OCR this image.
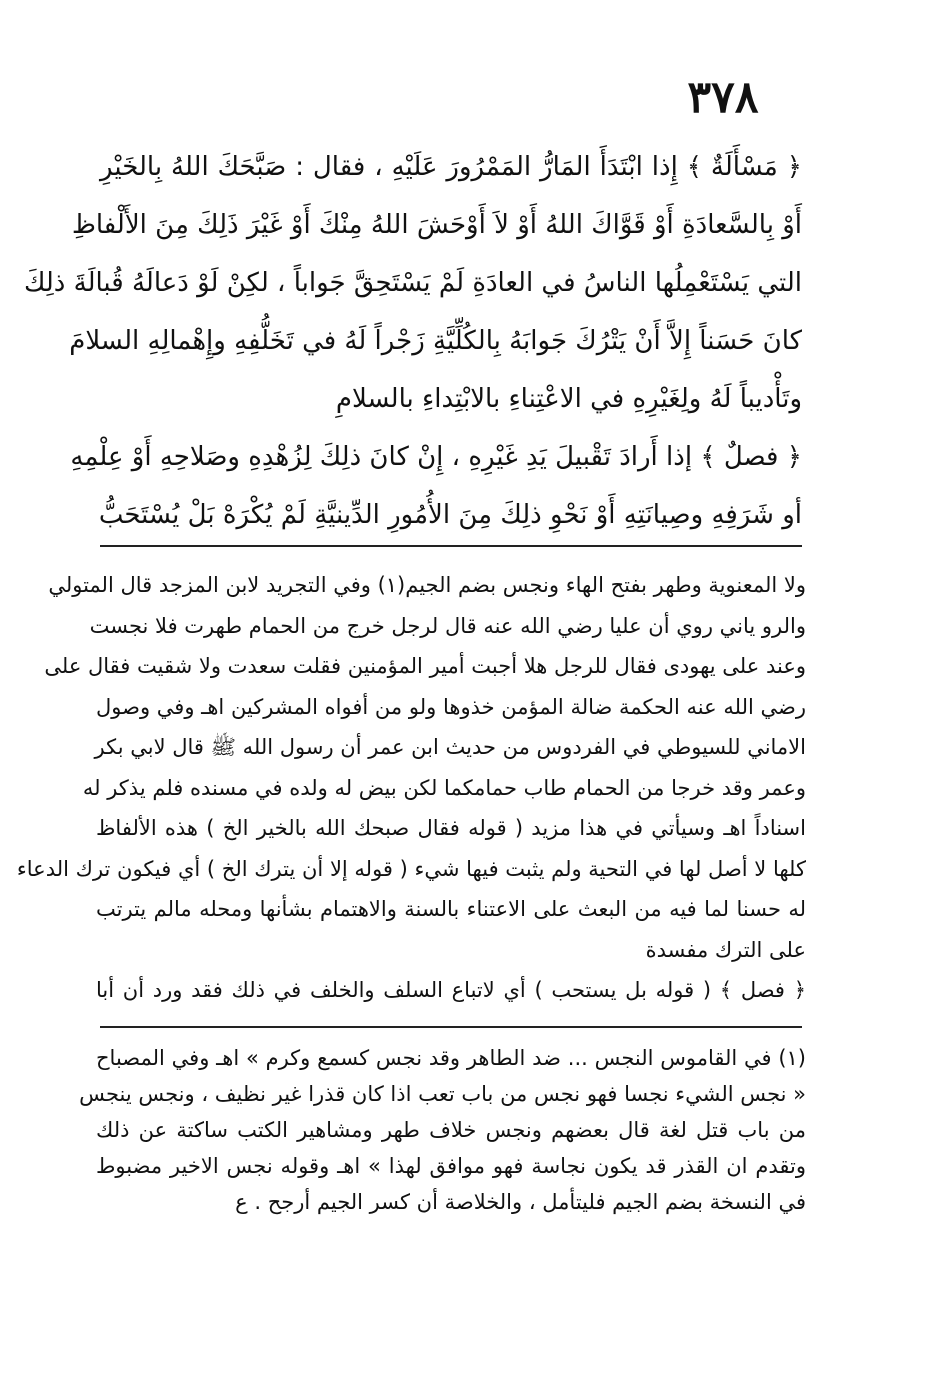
٣٧٨
﴿ مَسْأَلَةٌ ﴾ إِذا ابْتَدَأَ المَارُّ المَمْرُورَ عَلَيْهِ ، فقال : صَبَّحَكَ اللهُ بِالخَيْرِ
أَوْ بِالسَّعادَةِ أَوْ قَوَّاكَ اللهُ أَوْ لاَ أَوْحَشَ اللهُ مِنْكَ أَوْ غَيْرَ ذَلِكَ مِنَ الأَلْفاظِ
التي يَسْتَعْمِلُها الناسُ في العادَةِ لَمْ يَسْتَحِقَّ جَواباً ، لكِنْ لَوْ دَعالَهُ قُبالَةَ ذلِكَ
كانَ حَسَناً إِلاَّ أَنْ يَتْرُكَ جَوابَهُ بِالكُلِّيَّةِ زَجْراً لَهُ في تَخَلُّفِهِ وإِهْمالِهِ السلامَ
وتَأْديباً لَهُ ولِغَيْرِهِ في الاعْتِناءِ بالابْتِداءِ بالسلامِ
﴿ فصلٌ ﴾ إذا أَرادَ تَقْبيلَ يَدِ غَيْرِهِ ، إِنْ كانَ ذلِكَ لِزُهْدِهِ وصَلاحِهِ أَوْ عِلْمِهِ
أو شَرَفِهِ وصِيانَتِهِ أَوْ نَحْوِ ذلِكَ مِنَ الأُمُورِ الدِّينيَّةِ لَمْ يُكْرَهْ بَلْ يُسْتَحَبُّ
ولا المعنوية وطهر بفتح الهاء ونجس بضم الجيم(١) وفي التجريد لابن المزجد قال المتولي
والرو ياني روي أن عليا رضي الله عنه قال لرجل خرج من الحمام طهرت فلا نجست
وعند على يهودى فقال للرجل هلا أجبت أمير المؤمنين فقلت سعدت ولا شقيت فقال على
رضي الله عنه الحكمة ضالة المؤمن خذوها ولو من أفواه المشركين اهـ وفي وصول
الاماني للسيوطي في الفردوس من حديث ابن عمر أن رسول الله ﷺ قال لابي بكر
وعمر وقد خرجا من الحمام طاب حمامكما لكن بيض له ولده في مسنده فلم يذكر له
اسناداً اهـ وسيأتي في هذا مزيد ( قوله فقال صبحك الله بالخير الخ ) هذه الألفاظ
كلها لا أصل لها في التحية ولم يثبت فيها شيء ( قوله إلا أن يترك الخ ) أي فيكون ترك الدعاء
له حسنا لما فيه من البعث على الاعتناء بالسنة والاهتمام بشأنها ومحله مالم يترتب
على الترك مفسدة
﴿ فصل ﴾ ( قوله بل يستحب ) أي لاتباع السلف والخلف في ذلك فقد ورد أن أبا
(١) في القاموس النجس ... ضد الطاهر وقد نجس كسمع وكرم » اهـ وفي المصباح
« نجس الشيء نجسا فهو نجس من باب تعب اذا كان قذرا غير نظيف ، ونجس ينجس
من باب قتل لغة قال بعضهم ونجس خلاف طهر ومشاهير الكتب ساكتة عن ذلك
وتقدم ان القذر قد يكون نجاسة فهو موافق لهذا » اهـ وقوله نجس الاخير مضبوط
في النسخة بضم الجيم فليتأمل ، والخلاصة أن كسر الجيم أرجح . ع
